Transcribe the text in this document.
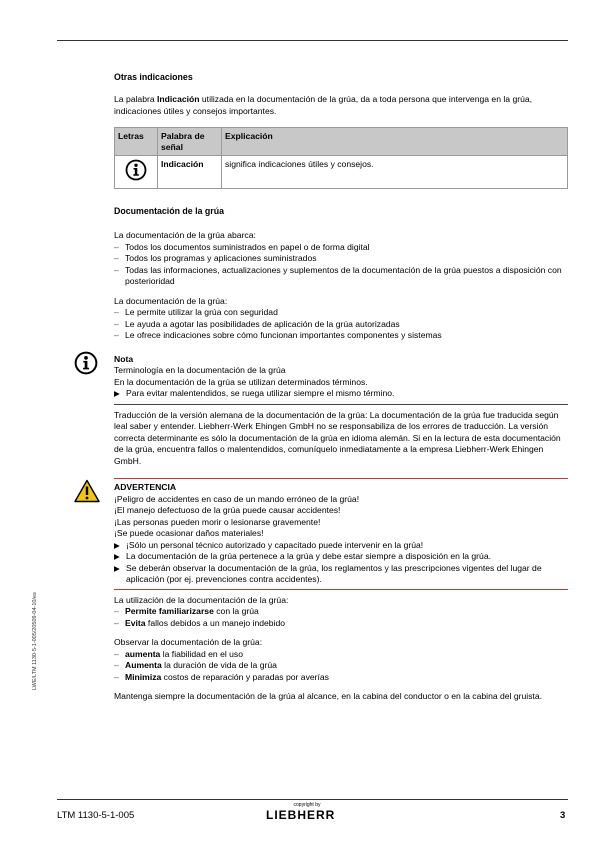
LWE/LTM 1130-5-1-005/20509-04-10/es
Otras indicaciones

La palabra Indicación utilizada en la documentación de la grúa, da a toda persona que intervenga en la grúa, indicaciones útiles y consejos importantes.

Letras	Palabra de señal	Explicación
	Indicación	significa indicaciones útiles y consejos.
Documentación de la grúa

La documentación de la grúa abarca:

– Todos los documentos suministrados en papel o de forma digital
– Todos los programas y aplicaciones suministrados
– Todas las informaciones, actualizaciones y suplementos de la documentación de la grúa puestos a disposición con posterioridad

La documentación de la grúa:

– Le permite utilizar la grúa con seguridad
– Le ayuda a agotar las posibilidades de aplicación de la grúa autorizadas
– Le ofrece indicaciones sobre cómo funcionan importantes componentes y sistemas

Nota

Terminología en la documentación de la grúa

En la documentación de la grúa se utilizan determinados términos.

▶ Para evitar malentendidos, se ruega utilizar siempre el mismo término.

Traducción de la versión alemana de la documentación de la grúa: La documentación de la grúa fue traducida según leal saber y entender. Liebherr-Werk Ehingen GmbH no se responsabiliza de los errores de traducción. La versión correcta determinante es sólo la documentación de la grúa en idioma alemán. Si en la lectura de esta documentación de la grúa, encuentra fallos o malentendidos, comuníquelo inmediatamente a la empresa Liebherr-Werk Ehingen GmbH.

ADVERTENCIA

¡Peligro de accidentes en caso de un mando erróneo de la grúa!

¡El manejo defectuoso de la grúa puede causar accidentes!

¡Las personas pueden morir o lesionarse gravemente!

¡Se puede ocasionar daños materiales!

▶ ¡Sólo un personal técnico autorizado y capacitado puede intervenir en la grúa!
▶ La documentación de la grúa pertenece a la grúa y debe estar siempre a disposición en la grúa.
▶ Se deberán observar la documentación de la grúa, los reglamentos y las prescripciones vigentes del lugar de aplicación (por ej. prevenciones contra accidentes).

La utilización de la documentación de la grúa:

– Permite familiarizarse con la grúa
– Evita fallos debidos a un manejo indebido

Observar la documentación de la grúa:

– aumenta la fiabilidad en el uso
– Aumenta la duración de vida de la grúa
– Minimiza costos de reparación y paradas por averías

Mantenga siempre la documentación de la grúa al alcance, en la cabina del conductor o en la cabina del gruista.

LTM 1130-5-1-005
copyright by
LIEBHERR	3
